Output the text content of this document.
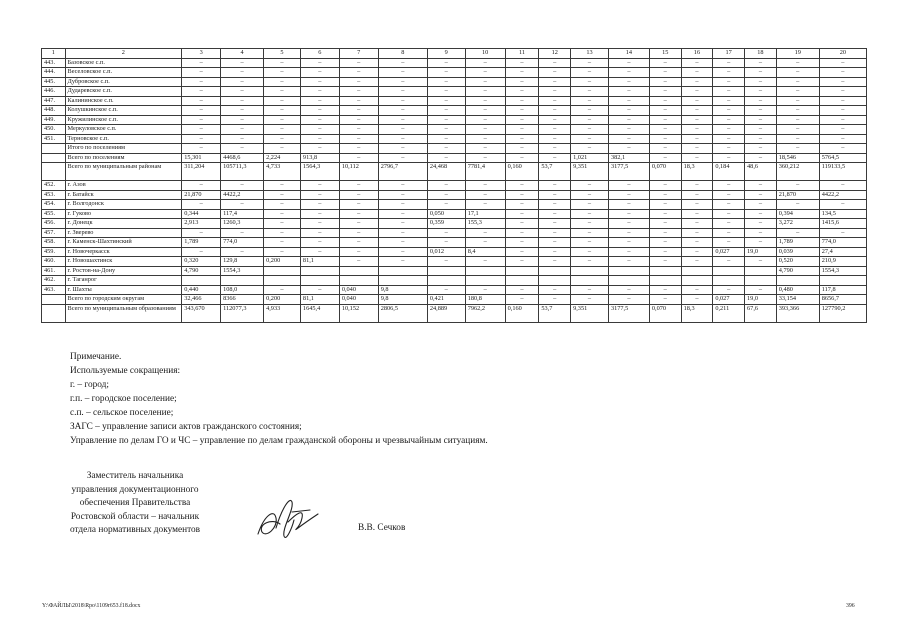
1	2	3	4	5	6	7	8	9	10	11	12	13	14	15	16	17	18	19	20
443.	Базовское с.п.	–	–	–	–	–	–	–	–	–	–	–	–	–	–	–	–	–	–
444.	Веселовское с.п.	–	–	–	–	–	–	–	–	–	–	–	–	–	–	–	–	–	–
445.	Дубровское с.п.	–	–	–	–	–	–	–	–	–	–	–	–	–	–	–	–	–	–
446.	Дударевское с.п.	–	–	–	–	–	–	–	–	–	–	–	–	–	–	–	–	–	–
447.	Калининское с.п.	–	–	–	–	–	–	–	–	–	–	–	–	–	–	–	–	–	–
448.	Колушкинское с.п.	–	–	–	–	–	–	–	–	–	–	–	–	–	–	–	–	–	–
449.	Кружилинское с.п.	–	–	–	–	–	–	–	–	–	–	–	–	–	–	–	–	–	–
450.	Меркуловское с.п.	–	–	–	–	–	–	–	–	–	–	–	–	–	–	–	–	–	–
451.	Терновское с.п.	–	–	–	–	–	–	–	–	–	–	–	–	–	–	–	–	–	–
	Итого по поселениям	–	–	–	–	–	–	–	–	–	–	–	–	–	–	–	–	–	–
	Всего по поселениям	15,301	4468,6	2,224	913,8	–	–	–	–	–	–	1,021	382,1	–	–	–	–	18,546	5764,5
	Всего по муниципальным районам	311,204	105711,3	4,733	1564,3	10,112	2796,7	24,468	7781,4	0,160	53,7	9,351	3177,5	0,070	18,3	0,184	48,6	360,212	119133,5
452.	г. Азов	–	–	–	–	–	–	–	–	–	–	–	–	–	–	–	–	–	–
453.	г. Батайск	21,870	4422,2	–	–	–	–	–	–	–	–	–	–	–	–	–	–	21,870	4422,2
454.	г. Волгодонск	–	–	–	–	–	–	–	–	–	–	–	–	–	–	–	–	–	–
455.	г. Гуково	0,344	117,4	–	–	–	–	0,050	17,1	–	–	–	–	–	–	–	–	0,394	134,5
456.	г. Донецк	2,913	1260,3	–	–	–	–	0,359	155,3	–	–	–	–	–	–	–	–	3,272	1415,6
457.	г. Зверево	–	–	–	–	–	–	–	–	–	–	–	–	–	–	–	–	–	–
458.	г. Каменск-Шахтинский	1,789	774,0	–	–	–	–	–	–	–	–	–	–	–	–	–	–	1,789	774,0
459.	г. Новочеркасск	–	–	–	–	–	–	0,012	8,4	–	–	–	–	–	–	0,027	19,0	0,039	27,4
460.	г. Новошахтинск	0,320	129,8	0,200	81,1	–	–	–	–	–	–	–	–	–	–	–	–	0,520	210,9
461.	г. Ростов-на-Дону	4,790	1554,3															4,790	1554,3
462.	г. Таганрог																		
463.	г. Шахты	0,440	108,0	–	–	0,040	9,8	–	–	–	–	–	–	–	–	–	–	0,480	117,8
	Всего по городским округам	32,466	8366	0,200	81,1	0,040	9,8	0,421	180,8	–	–	–	–	–	–	0,027	19,0	33,154	8656,7
	Всего по муниципальным образованиям	343,670	112077,3	4,933	1645,4	10,152	2806,5	24,889	7962,2	0,160	53,7	9,351	3177,5	0,070	18,3	0,211	67,6	393,366	127790,2
Примечание.
Используемые сокращения:
г. – город;
г.п. – городское поселение;
с.п. – сельское поселение;
ЗАГС – управление записи актов гражданского состояния;
Управление по делам ГО и ЧС – управление по делам гражданской обороны и чрезвычайным ситуациям.
Заместитель начальника
управления документационного
обеспечения Правительства
Ростовской области – начальник
отдела нормативных документов	В.В. Сечков
Y:\ФАЙЛЫ\2018\Rpo\1109r653.f18.docx	396
